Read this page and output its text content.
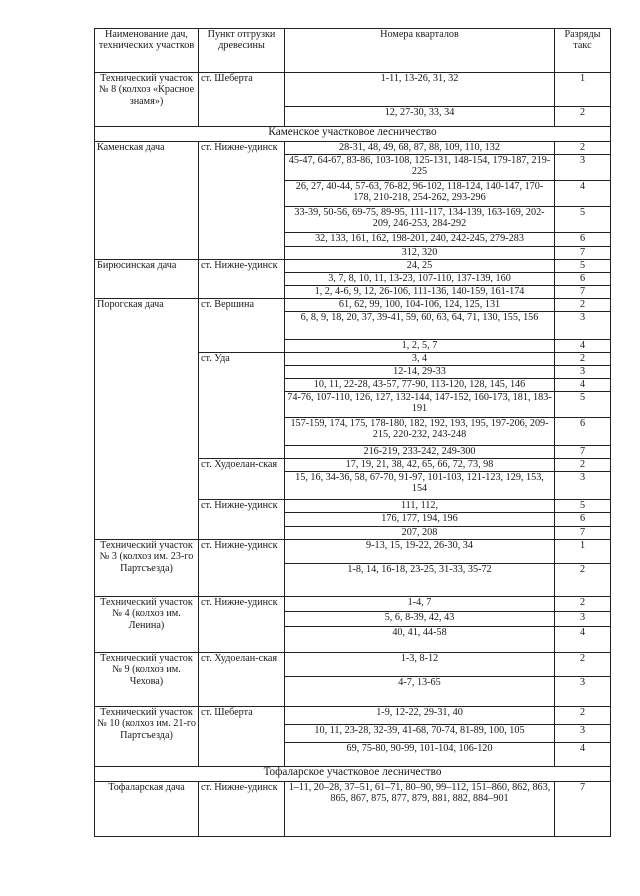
Наименование дач, технических участков	Пункт отгрузки древесины	Номера кварталов	Разряды такс
Технический участок № 8 (колхоз «Красное знамя»)	ст. Шеберта	1-11, 13-26, 31, 32	1
		12, 27-30, 33, 34	2
Каменское участковое лесничество			
Каменская дача	ст. Нижне-удинск	28-31, 48, 49, 68, 87, 88, 109, 110, 132	2
		45-47, 64-67, 83-86, 103-108, 125-131, 148-154, 179-187, 219-225	3
		26, 27, 40-44, 57-63, 76-82, 96-102, 118-124, 140-147, 170-178, 210-218, 254-262, 293-296	4
		33-39, 50-56, 69-75, 89-95, 111-117, 134-139, 163-169, 202-209, 246-253, 284-292	5
		32, 133, 161, 162, 198-201, 240, 242-245, 279-283	6
		312, 320	7
Бирюсинская дача	ст. Нижне-удинск	24, 25	5
		3, 7, 8, 10, 11, 13-23, 107-110, 137-139, 160	6
		1, 2, 4-6, 9, 12, 26-106, 111-136, 140-159, 161-174	7
Порогская дача	ст. Вершина	61, 62, 99, 100, 104-106, 124, 125, 131	2
		6, 8, 9, 18, 20, 37, 39-41, 59, 60, 63, 64, 71, 130, 155, 156	3
		1, 2, 5, 7	4
	ст. Уда	3, 4	2
		12-14, 29-33	3
		10, 11, 22-28, 43-57, 77-90, 113-120, 128, 145, 146	4
		74-76, 107-110, 126, 127, 132-144, 147-152, 160-173, 181, 183-191	5
		157-159, 174, 175, 178-180, 182, 192, 193, 195, 197-206, 209-215, 220-232, 243-248	6
		216-219, 233-242, 249-300	7
	ст. Худоелан-ская	17, 19, 21, 38, 42, 65, 66, 72, 73, 98	2
		15, 16, 34-36, 58, 67-70, 91-97, 101-103, 121-123, 129, 153, 154	3
	ст. Нижне-удинск	111, 112,	5
		176, 177, 194, 196	6
		207, 208	7
Технический участок № 3 (колхоз им. 23-го Партсъезда)	ст. Нижне-удинск	9-13, 15, 19-22, 26-30, 34	1
		1-8, 14, 16-18, 23-25, 31-33, 35-72	2
Технический участок № 4 (колхоз им. Ленина)	ст. Нижне-удинск	1-4, 7	2
		5, 6, 8-39, 42, 43	3
		40, 41, 44-58	4
Технический участок № 9 (колхоз им. Чехова)	ст. Худоелан-ская	1-3, 8-12	2
		4-7, 13-65	3
Технический участок № 10 (колхоз им. 21-го Партсъезда)	ст. Шеберта	1-9, 12-22, 29-31, 40	2
		10, 11, 23-28, 32-39, 41-68, 70-74, 81-89, 100, 105	3
		69, 75-80, 90-99, 101-104, 106-120	4
Тофаларское участковое лесничество			
Тофаларская дача	ст. Нижне-удинск	1–11, 20–28, 37–51, 61–71, 80–90, 99–112, 151–860, 862, 863, 865, 867, 875, 877, 879, 881, 882, 884–901	7
